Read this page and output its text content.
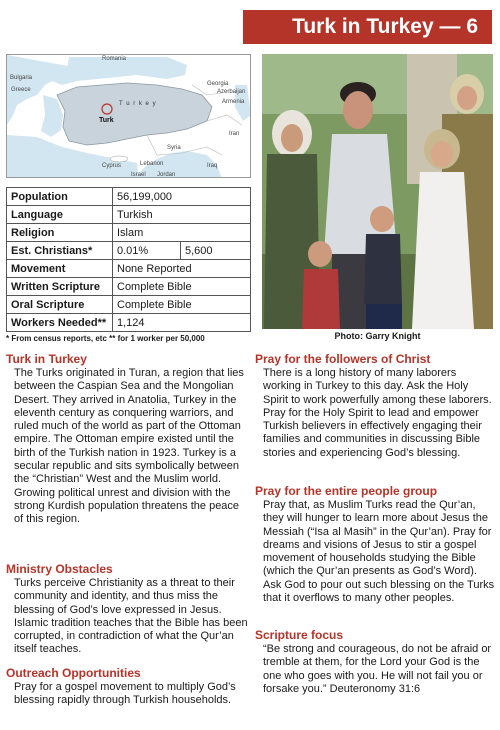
Turk in Turkey — 6
Romania
Bulgaria
Georgia
Armenia
Azerbaijan
Greece
Iran
Syria
Cyprus	Lebanon
Israel
Iraq
Jordan
T u r k e y
Turk
Photo: Garry Knight
Population	56,199,000	
Language	Turkish	
Religion	Islam	
Est. Christians*	0.01%	5,600
Movement	None Reported	
Written Scripture	Complete Bible	
Oral Scripture	Complete Bible	
Workers Needed**	1,124	
* From census reports, etc ** for 1 worker per 50,000
Turk in Turkey
The Turks originated in Turan, a region that lies between the Caspian Sea and the Mongolian Desert. They arrived in Anatolia, Turkey in the eleventh century as conquering warriors, and ruled much of the world as part of the Ottoman empire. The Ottoman empire existed until the birth of the Turkish nation in 1923. Turkey is a secular republic and sits symbolically between the “Christian” West and the Muslim world. Growing political unrest and division with the strong Kurdish population threatens the peace of this region.
Ministry Obstacles
Turks perceive Christianity as a threat to their community and identity, and thus miss the blessing of God’s love expressed in Jesus. Islamic tradition teaches that the Bible has been corrupted, in contradiction of what the Qur’an itself teaches.
Outreach Opportunities
Pray for a gospel movement to multiply God’s blessing rapidly through Turkish households.
Pray for the followers of Christ
There is a long history of many laborers working in Turkey to this day. Ask the Holy Spirit to work powerfully among these laborers. Pray for the Holy Spirit to lead and empower Turkish believers in effectively engaging their families and communities in discussing Bible stories and experiencing God’s blessing.
Pray for the entire people group
Pray that, as Muslim Turks read the Qur’an, they will hunger to learn more about Jesus the Messiah (“Isa al Masih” in the Qur’an). Pray for dreams and visions of Jesus to stir a gospel movement of households studying the Bible (which the Qur’an presents as God’s Word). Ask God to pour out such blessing on the Turks that it overflows to many other peoples.
Scripture focus
“Be strong and courageous, do not be afraid or tremble at them, for the Lord your God is the one who goes with you. He will not fail you or forsake you.” Deuteronomy 31:6
